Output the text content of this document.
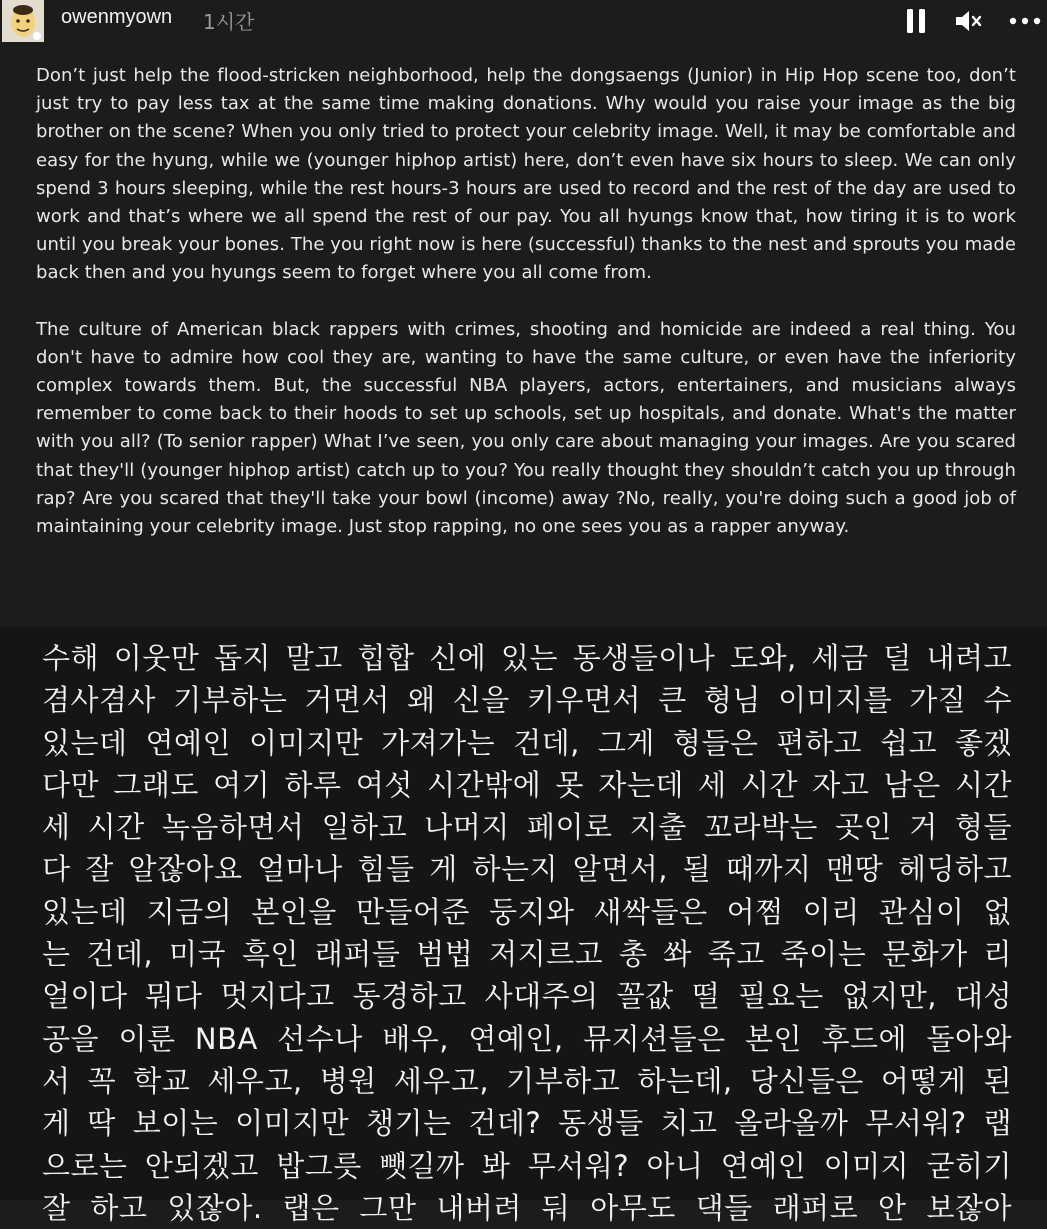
owenmyown 1시간

Don’t just help the flood-stricken neighborhood, help the dongsaengs (Junior) in Hip Hop scene too, don’t just try to pay less tax at the same time making donations. Why would you raise your image as the big brother on the scene? When you only tried to protect your celebrity image. Well, it may be comfortable and easy for the hyung, while we (younger hiphop artist) here, don’t even have six hours to sleep. We can only spend 3 hours sleeping, while the rest hours-3 hours are used to record and the rest of the day are used to work and that’s where we all spend the rest of our pay. You all hyungs know that, how tiring it is to work until you break your bones. The you right now is here (successful) thanks to the nest and sprouts you made back then and you hyungs seem to forget where you all come from.

The culture of American black rappers with crimes, shooting and homicide are indeed a real thing. You don't have to admire how cool they are, wanting to have the same culture, or even have the inferiority complex towards them. But, the successful NBA players, actors, entertainers, and musicians always remember to come back to their hoods to set up schools, set up hospitals, and donate. What's the matter with you all? (To senior rapper) What I’ve seen, you only care about managing your images. Are you scared that they'll (younger hiphop artist) catch up to you? You really thought they shouldn’t catch you up through rap? Are you scared that they'll take your bowl (income) away ?No, really, you're doing such a good job of maintaining your celebrity image. Just stop rapping, no one sees you as a rapper anyway.

수해 이웃만 돕지 말고 힙합 신에 있는 동생들이나 도와, 세금 덜 내려고
겸사겸사 기부하는 거면서 왜 신을 키우면서 큰 형님 이미지를 가질 수
있는데 연예인 이미지만 가져가는 건데, 그게 형들은 편하고 쉽고 좋겠
다만 그래도 여기 하루 여섯 시간밖에 못 자는데 세 시간 자고 남은 시간
세 시간 녹음하면서 일하고 나머지 페이로 지출 꼬라박는 곳인 거 형들
다 잘 알잖아요 얼마나 힘들 게 하는지 알면서, 될 때까지 맨땅 헤딩하고
있는데 지금의 본인을 만들어준 둥지와 새싹들은 어쩜 이리 관심이 없
는 건데, 미국 흑인 래퍼들 범법 저지르고 총 쏴 죽고 죽이는 문화가 리
얼이다 뭐다 멋지다고 동경하고 사대주의 꼴값 떨 필요는 없지만, 대성
공을 이룬 NBA 선수나 배우, 연예인, 뮤지션들은 본인 후드에 돌아와
서 꼭 학교 세우고, 병원 세우고, 기부하고 하는데, 당신들은 어떻게 된
게 딱 보이는 이미지만 챙기는 건데? 동생들 치고 올라올까 무서워? 랩
으로는 안되겠고 밥그릇 뺏길까 봐 무서워? 아니 연예인 이미지 굳히기
잘 하고 있잖아. 랩은 그만 내버려 둬 아무도 댁들 래퍼로 안 보잖아
